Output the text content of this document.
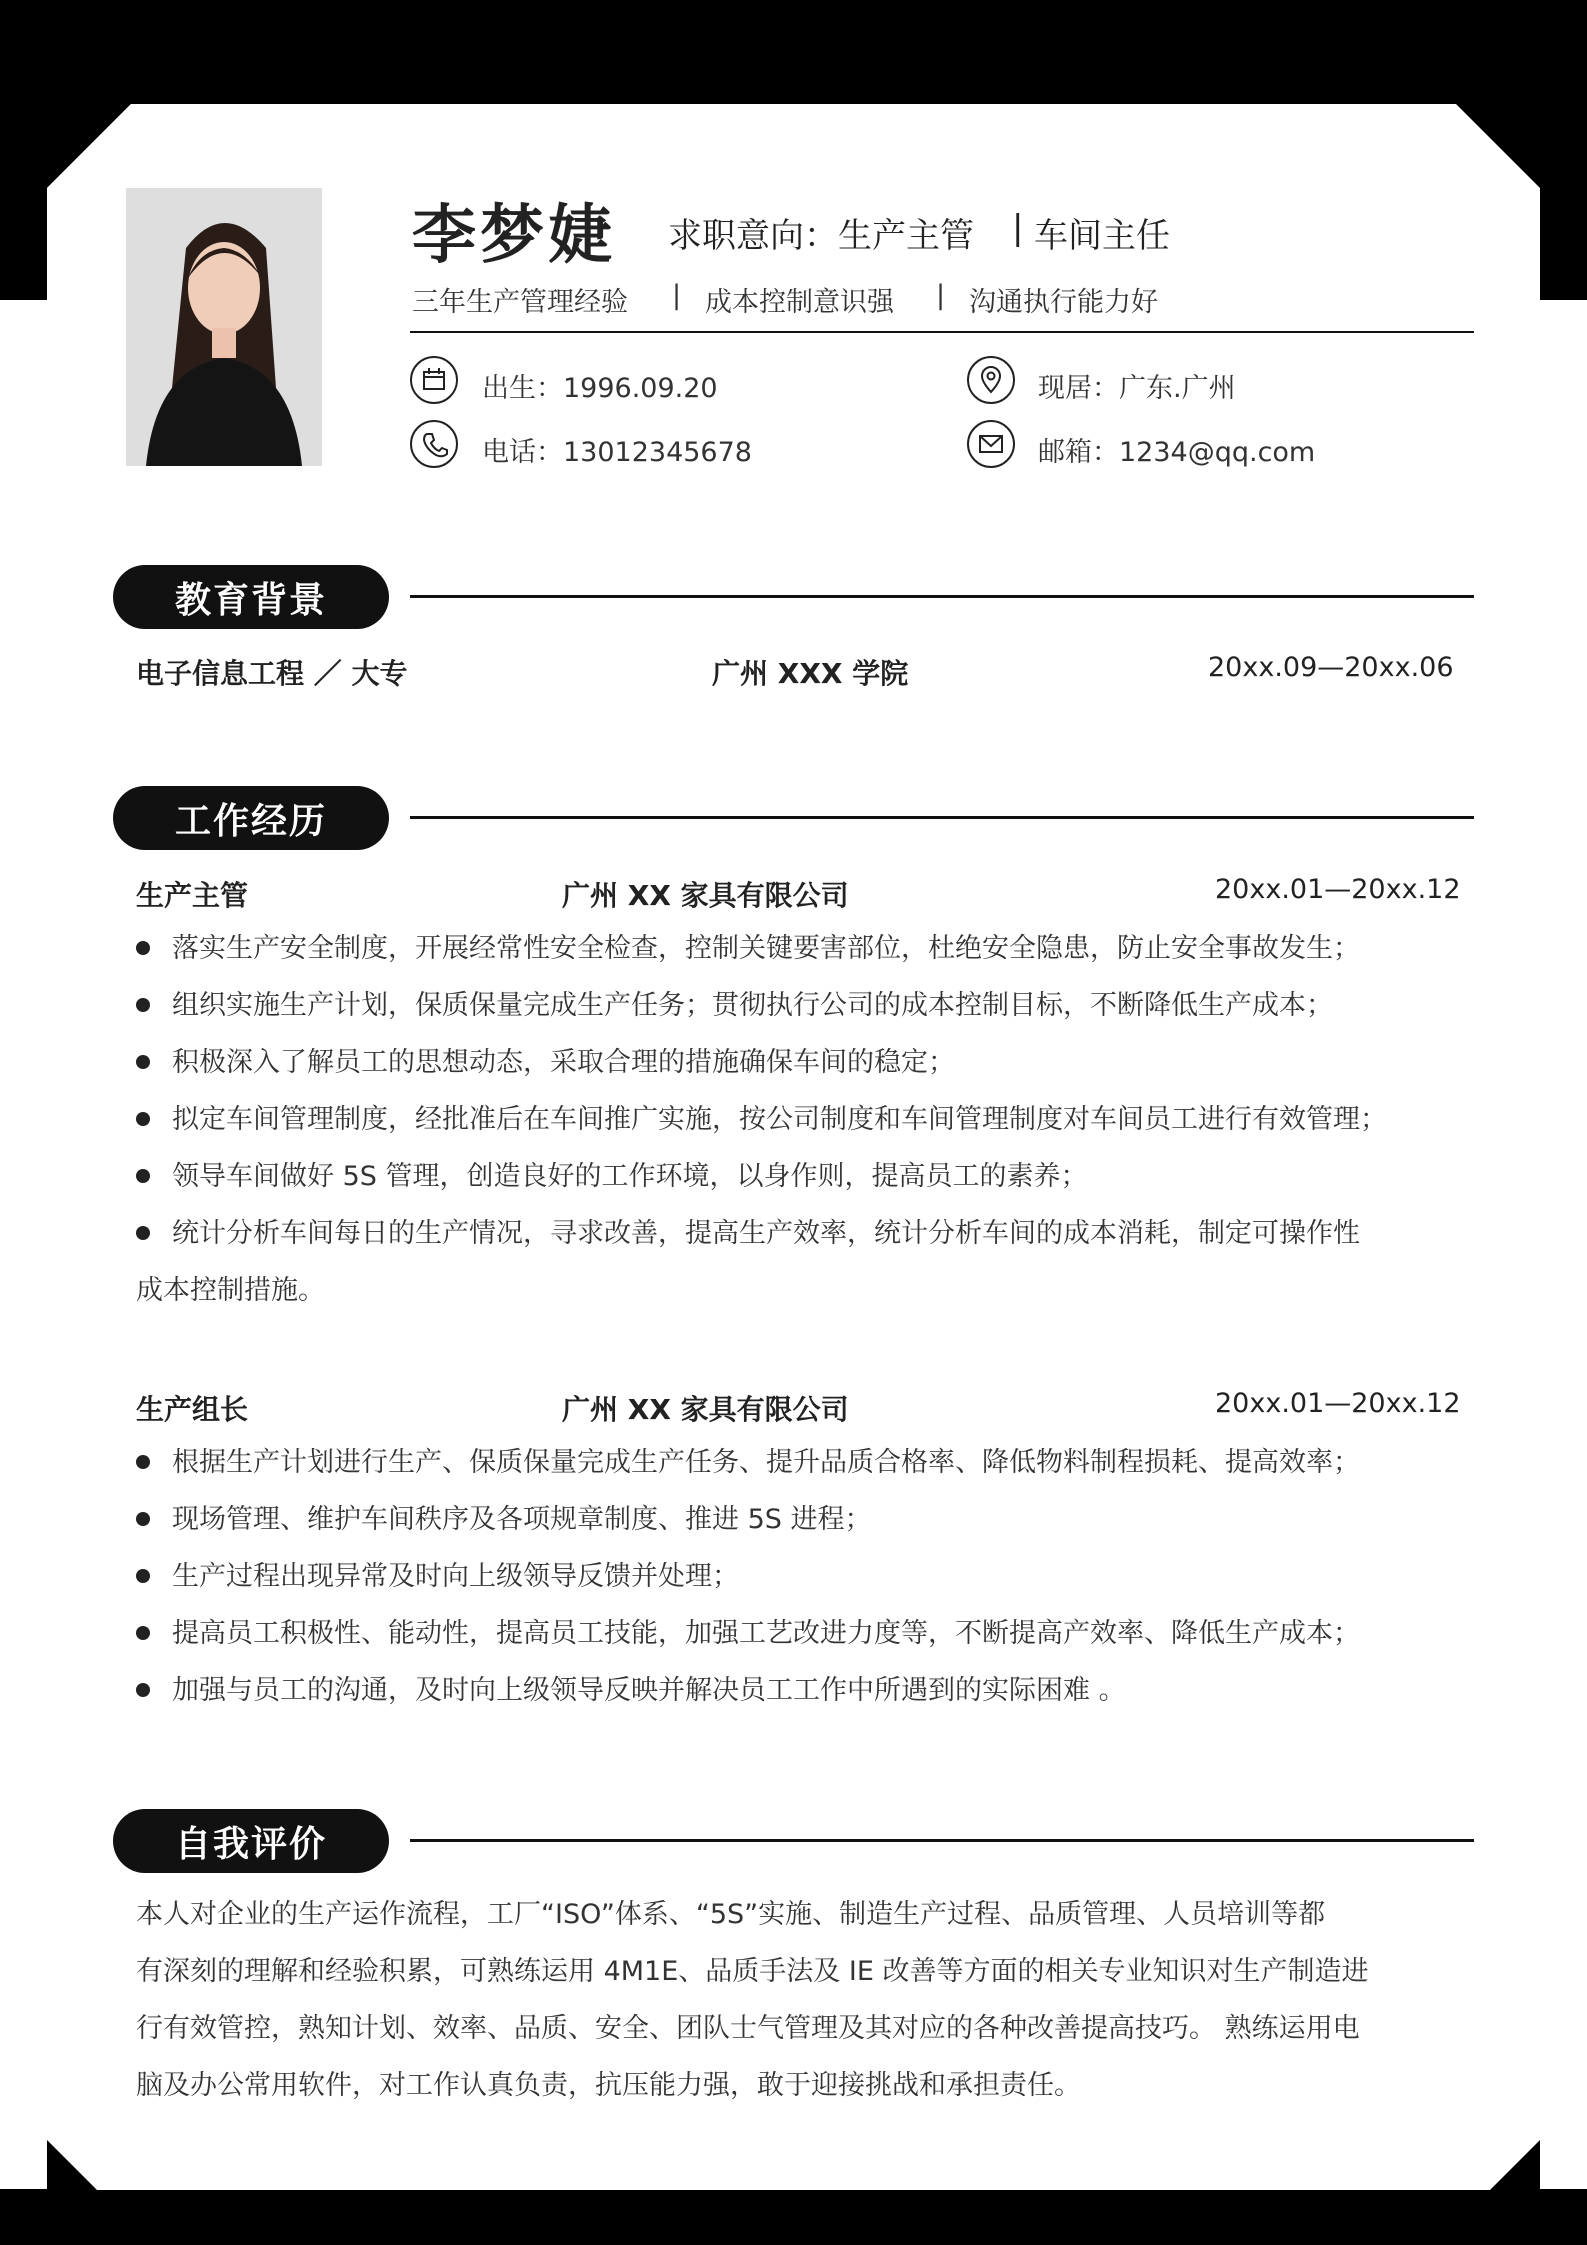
李梦婕 求职意向：生产主管 | 车间主任
三年生产管理经验 | 成本控制意识强 | 沟通执行能力好
出生：1996.09.20
电话：13012345678
现居：广东.广州
邮箱：1234@qq.com
教育背景
电子信息工程 ／ 大专	广州 XXX 学院	20xx.09—20xx.06
工作经历
生产主管	广州 XX 家具有限公司	20xx.01—20xx.12
落实生产安全制度，开展经常性安全检查，控制关键要害部位，杜绝安全隐患，防止安全事故发生；
组织实施生产计划，保质保量完成生产任务；贯彻执行公司的成本控制目标，不断降低生产成本；
积极深入了解员工的思想动态，采取合理的措施确保车间的稳定；
拟定车间管理制度，经批准后在车间推广实施，按公司制度和车间管理制度对车间员工进行有效管理；
领导车间做好 5S 管理，创造良好的工作环境，以身作则，提高员工的素养；
统计分析车间每日的生产情况，寻求改善，提高生产效率，统计分析车间的成本消耗，制定可操作性
成本控制措施。
生产组长	广州 XX 家具有限公司	20xx.01—20xx.12
根据生产计划进行生产、保质保量完成生产任务、提升品质合格率、降低物料制程损耗、提高效率；
现场管理、维护车间秩序及各项规章制度、推进 5S 进程；
生产过程出现异常及时向上级领导反馈并处理；
提高员工积极性、能动性，提高员工技能，加强工艺改进力度等，不断提高产效率、降低生产成本；
加强与员工的沟通，及时向上级领导反映并解决员工工作中所遇到的实际困难 。
自我评价
本人对企业的生产运作流程，工厂“ISO”体系、“5S”实施、制造生产过程、品质管理、人员培训等都
有深刻的理解和经验积累，可熟练运用 4M1E、品质手法及 IE 改善等方面的相关专业知识对生产制造进
行有效管控，熟知计划、效率、品质、安全、团队士气管理及其对应的各种改善提高技巧。 熟练运用电
脑及办公常用软件，对工作认真负责，抗压能力强，敢于迎接挑战和承担责任。
